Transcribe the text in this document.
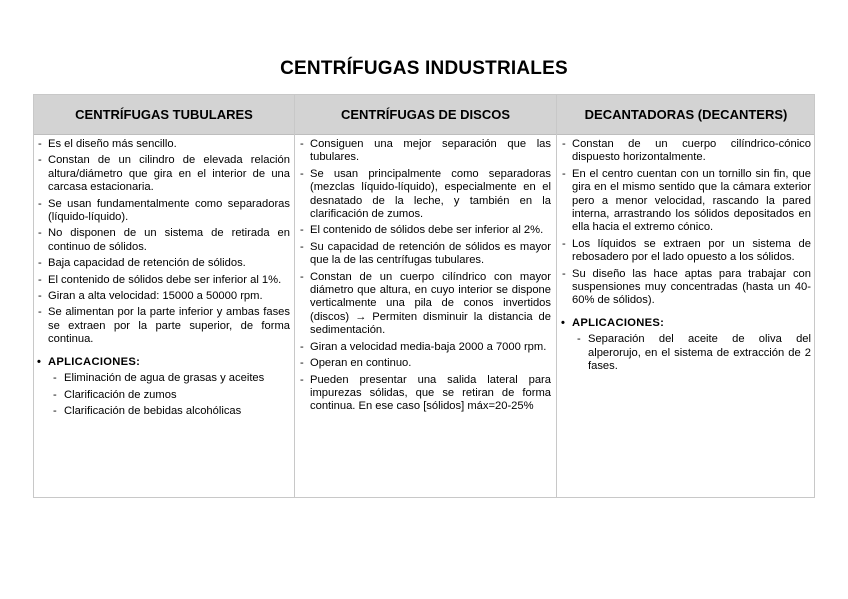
CENTRÍFUGAS INDUSTRIALES
CENTRÍFUGAS TUBULARES	CENTRÍFUGAS DE DISCOS	DECANTADORAS (DECANTERS)
- Es el diseño más sencillo.
- Constan de un cilindro de elevada relación altura/diámetro que gira en el interior de una carcasa estacionaria.
- Se usan fundamentalmente como separadoras (líquido-líquido).
- No disponen de un sistema de retirada en continuo de sólidos.
- Baja capacidad de retención de sólidos.
- El contenido de sólidos debe ser inferior al 1%.
- Giran a alta velocidad: 15000 a 50000 rpm.
- Se alimentan por la parte inferior y ambas fases se extraen por la parte superior, de forma continua.
• APLICACIONES:
- Eliminación de agua de grasas y aceites
- Clarificación de zumos
- Clarificación de bebidas alcohólicas
- Consiguen una mejor separación que las tubulares.
- Se usan principalmente como separadoras (mezclas líquido-líquido), especialmente en el desnatado de la leche, y también en la clarificación de zumos.
- El contenido de sólidos debe ser inferior al 2%.
- Su capacidad de retención de sólidos es mayor que la de las centrífugas tubulares.
- Constan de un cuerpo cilíndrico con mayor diámetro que altura, en cuyo interior se dispone verticalmente una pila de conos invertidos (discos) → Permiten disminuir la distancia de sedimentación.
- Giran a velocidad media-baja 2000 a 7000 rpm.
- Operan en continuo.
- Pueden presentar una salida lateral para impurezas sólidas, que se retiran de forma continua. En ese caso [sólidos] máx=20-25%
- Constan de un cuerpo cilíndrico-cónico dispuesto horizontalmente.
- En el centro cuentan con un tornillo sin fin, que gira en el mismo sentido que la cámara exterior pero a menor velocidad, rascando la pared interna, arrastrando los sólidos depositados en ella hacia el extremo cónico.
- Los líquidos se extraen por un sistema de rebosadero por el lado opuesto a los sólidos.
- Su diseño las hace aptas para trabajar con suspensiones muy concentradas (hasta un 40-60% de sólidos).
• APLICACIONES:
- Separación del aceite de oliva del alperorujo, en el sistema de extracción de 2 fases.
